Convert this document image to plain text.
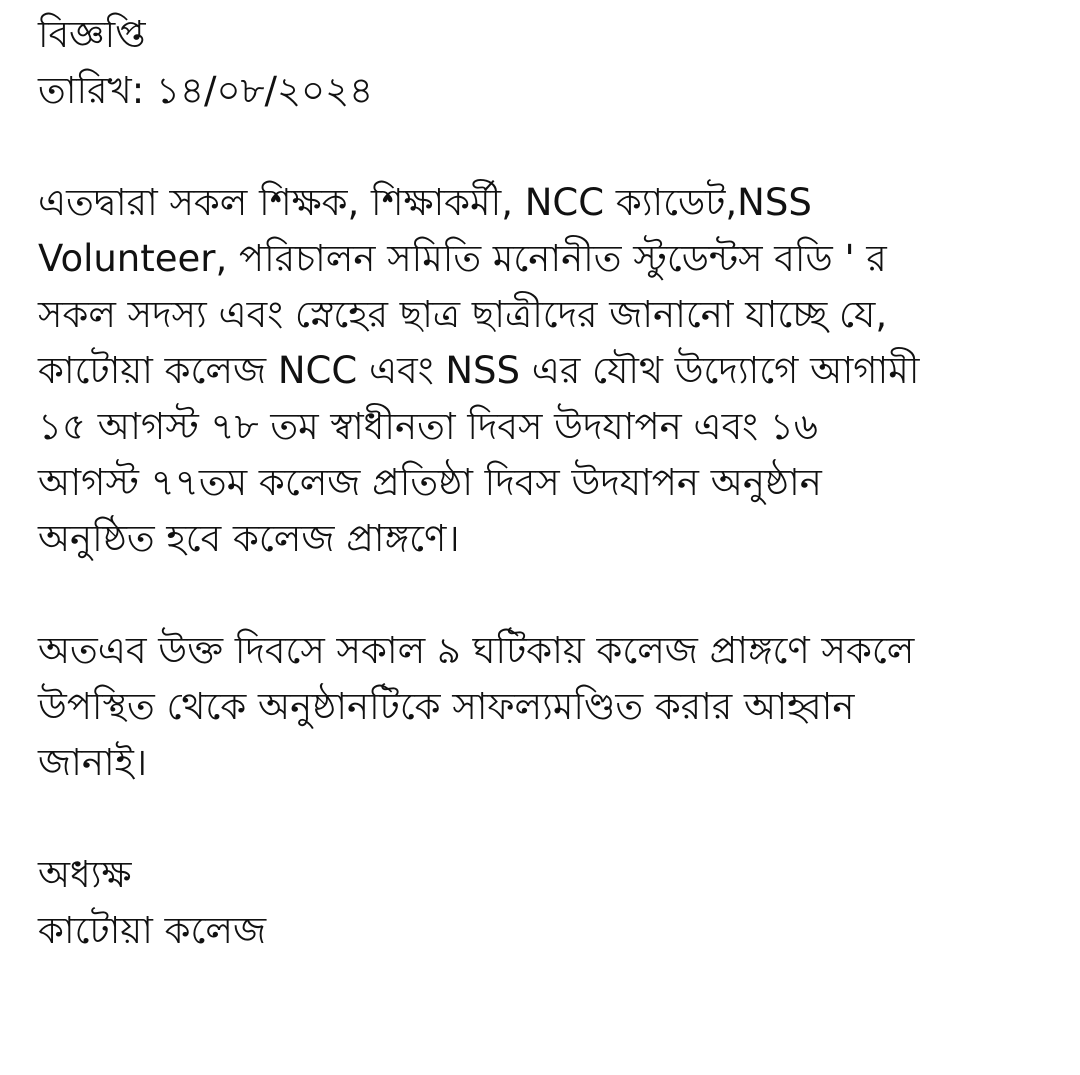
বিজ্ঞপ্তি
তারিখ: ১৪/০৮/২০২৪
এতদ্বারা সকল শিক্ষক, শিক্ষাকর্মী, NCC ক্যাডেট,NSS
Volunteer, পরিচালন সমিতি মনোনীত স্টুডেন্টস বডি ' র
সকল সদস্য এবং স্নেহের ছাত্র ছাত্রীদের জানানো যাচ্ছে যে,
কাটোয়া কলেজ NCC এবং NSS এর যৌথ উদ্যোগে আগামী
১৫ আগস্ট ৭৮ তম স্বাধীনতা দিবস উদযাপন এবং ১৬
আগস্ট ৭৭তম কলেজ প্রতিষ্ঠা দিবস উদযাপন অনুষ্ঠান
অনুষ্ঠিত হবে কলেজ প্রাঙ্গণে।
অতএব উক্ত দিবসে সকাল ৯ ঘটিকায় কলেজ প্রাঙ্গণে সকলে
উপস্থিত থেকে অনুষ্ঠানটিকে সাফল্যমণ্ডিত করার আহ্বান
জানাই।
অধ্যক্ষ
কাটোয়া কলেজ
